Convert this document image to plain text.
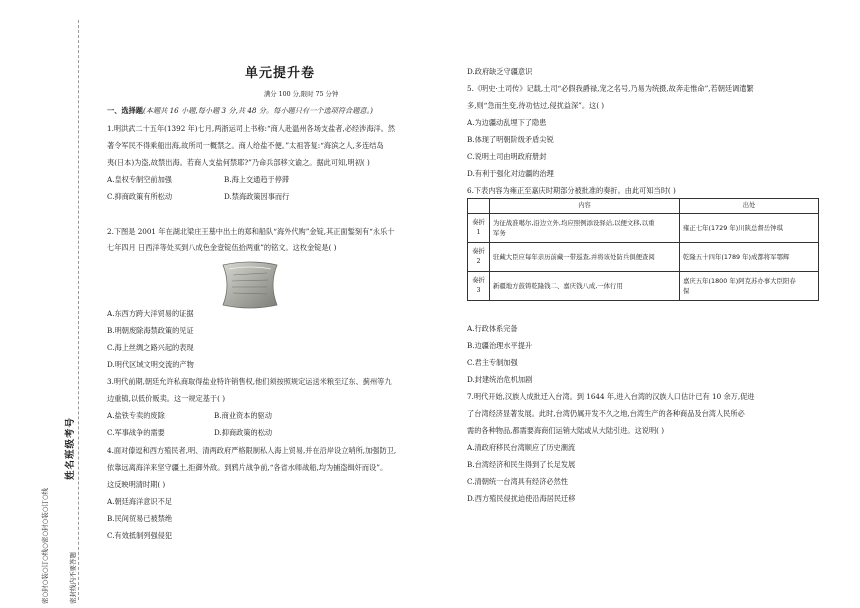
姓名班级考号
密○封○装○订○线○密○封○装○订○线	密封线内不要答题
单元提升卷
满分 100 分,限时 75 分钟
一、选择题(本题共 16 小题,每小题 3 分,共 48 分。每小题只有一个选项符合题意。)
1.明洪武二十五年(1392 年)七月,两浙运司上书称:“商人赴温州各场支盐者,必经涉海洋。然
著令军民不得乘船出海,故所司一概禁之。商人给盐不便。”太祖答复:“海滨之人,多连结岛
夷(日本)为盗,故禁出海。若商人支盐何禁耶?”乃命兵部移文谕之。据此可知,明初( )
A.皇权专制空前加强	B.海上交通趋于停滞
C.抑商政策有所松动	D.禁海政策因事而行
2.下图是 2001 年在湖北梁庄王墓中出土的郑和船队“海外代购”金锭,其正面錾刻有“永乐十
七年四月 日西洋等处买到八成色金壹锭伍拾两重”的铭文。这枚金锭是( )
A.东西方跨大洋贸易的证据
B.明朝废除海禁政策的见证
C.海上丝绸之路兴起的表现
D.明代区域文明交流的产物
3.明代前期,朝廷允许私商取得盐业特许销售权,他们须按照规定运送米粮至辽东、蓟州等九
边重镇,以低价贩卖。这一规定基于( )
A.盐铁专卖的废除	B.商业资本的驱动
C.军事战争的需要	D.抑商政策的松动
4.面对傣逗和西方殖民者,明、清两政府严格限制私人海上贸易,并在沿岸设立哨所,加强防卫,
依靠远离海洋来坚守疆土,拒御外敌。到鸦片战争前,“各省水师战船,均为捕盗缉奸而设”。
这反映明清时期( )
A.朝廷海洋意识不足
B.民间贸易已被禁绝
C.有效抵制列强侵犯
D.政府缺乏守疆意识
5.《明史·土司传》记载,土司“必假我爵禄,宠之名号,乃易为统摄,故奔走惟命”,若朝廷调遣繁
多,则“急而生变,待功怙过,侵扰益深”。这( )
A.为边疆动乱埋下了隐患
B.体现了明朝阶级矛盾尖锐
C.说明土司由明政府册封
D.有利于强化对边疆的治理
6.下表内容为雍正至嘉庆时期部分被批准的奏折。由此可知当时( )
	内容	出处
奏折
1	为征战准噶尔,沿边立外,均应照例添设驿站,以便文移,以重
军务	雍正七年(1729 年)川陕总督岳钟琪
奏折
2	驻藏大臣应每年亲历前藏一带巡查,并将该处防兵俱便查阅	乾隆五十四年(1789 年)成都将军鄂辉
奏折
3	新疆地方鼓铸乾隆钱二、嘉庆钱八成,一体行用	嘉庆五年(1800 年)阿克苏办事大臣阳春
保
A.行政体系完备
B.边疆治理水平提升
C.君主专制加强
D.封建统治危机加剧
7.明代开始,汉族人成批迁入台湾。到 1644 年,进入台湾的汉族人口估计已有 10 余万,促进
了台湾经济显著发展。此时,台湾仍属开发不久之地,台湾生产的各种商品及台湾人民所必
需的各种物品,都需要海商们运销大陆或从大陆引进。这说明( )
A.清政府移民台湾顺应了历史潮流
B.台湾经济和民生得到了长足发展
C.清朝统一台湾具有经济必然性
D.西方殖民侵扰迫使沿海居民迁移
